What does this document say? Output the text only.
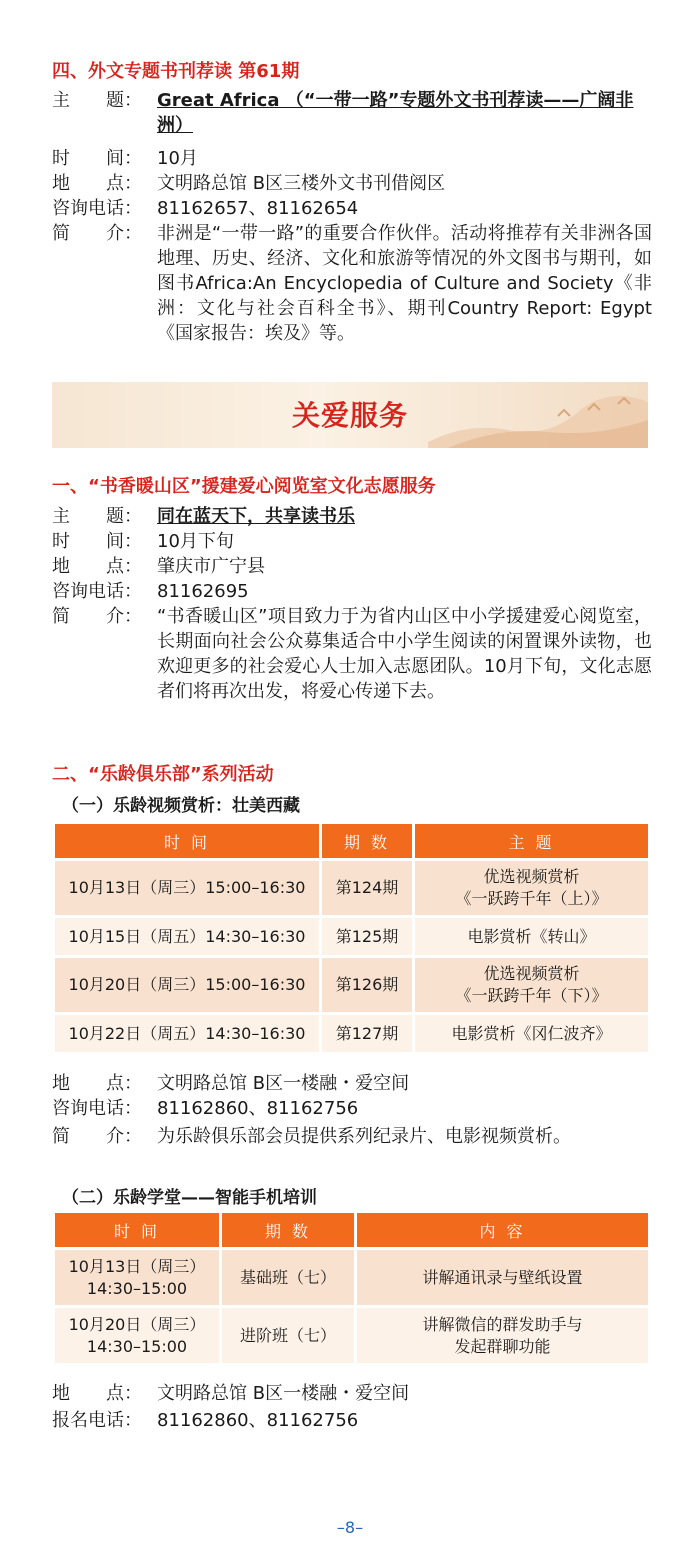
四、外文专题书刊荐读 第61期
主　　题： Great Africa （“一带一路”专题外文书刊荐读——广阔非洲）
时　　间： 10月
地　　点： 文明路总馆 B区三楼外文书刊借阅区
咨询电话： 81162657、81162654
简　　介： 非洲是“一带一路”的重要合作伙伴。活动将推荐有关非洲各国地理、历史、经济、文化和旅游等情况的外文图书与期刊，如图书Africa:An Encyclopedia of Culture and Society《非洲：文化与社会百科全书》、期刊Country Report: Egypt《国家报告：埃及》等。
关爱服务
一、“书香暖山区”援建爱心阅览室文化志愿服务
主　　题： 同在蓝天下，共享读书乐
时　　间： 10月下旬
地　　点： 肇庆市广宁县
咨询电话： 81162695
简　　介： “书香暖山区”项目致力于为省内山区中小学援建爱心阅览室，长期面向社会公众募集适合中小学生阅读的闲置课外读物，也欢迎更多的社会爱心人士加入志愿团队。10月下旬，文化志愿者们将再次出发，将爱心传递下去。
二、“乐龄俱乐部”系列活动
（一）乐龄视频赏析：壮美西藏
时 间	期 数	主 题
10月13日（周三）15:00–16:30	第124期	优选视频赏析
《一跃跨千年（上）》
10月15日（周五）14:30–16:30	第125期	电影赏析《转山》
10月20日（周三）15:00–16:30	第126期	优选视频赏析
《一跃跨千年（下）》
10月22日（周五）14:30–16:30	第127期	电影赏析《冈仁波齐》
地　　点： 文明路总馆 B区一楼融・爱空间
咨询电话： 81162860、81162756
简　　介： 为乐龄俱乐部会员提供系列纪录片、电影视频赏析。
（二）乐龄学堂——智能手机培训
时 间	期 数	内 容
10月13日（周三）
14:30–15:00	基础班（七）	讲解通讯录与壁纸设置
10月20日（周三）
14:30–15:00	进阶班（七）	讲解微信的群发助手与
发起群聊功能
地　　点： 文明路总馆 B区一楼融・爱空间
报名电话： 81162860、81162756
–8–
